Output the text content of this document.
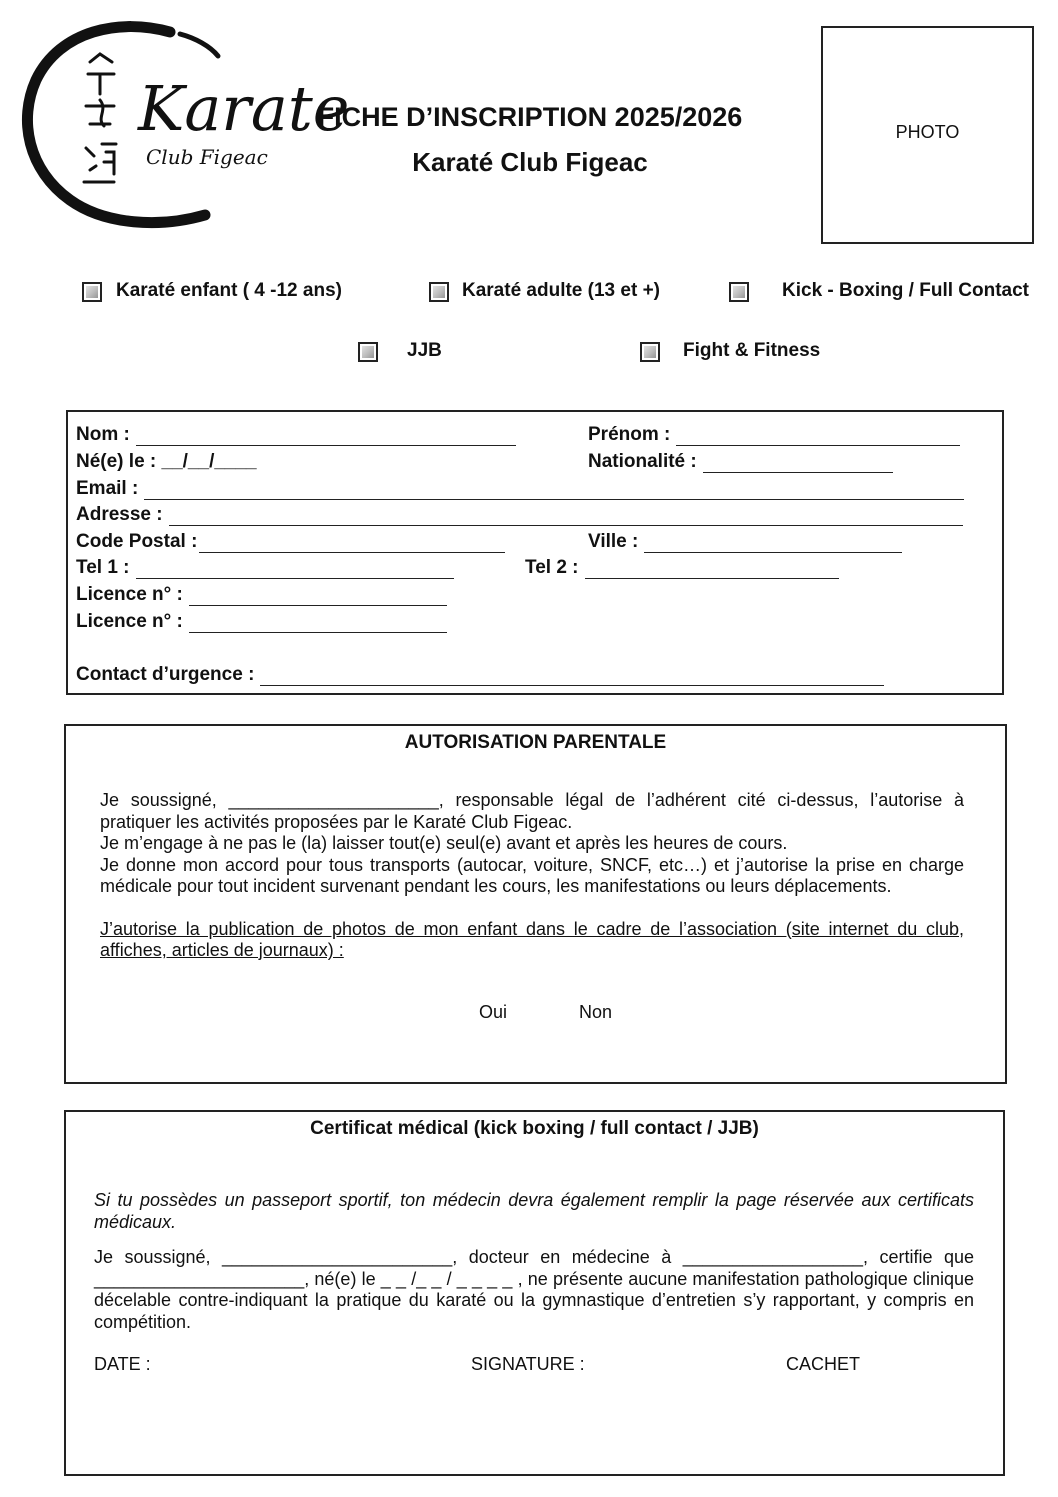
Karate
Club Figeac
FICHE D’INSCRIPTION 2025/2026
Karaté Club Figeac
PHOTO
Karaté enfant ( 4 -12 ans)	Karaté adulte (13 et +)	Kick - Boxing / Full Contact
JJB	Fight & Fitness
Nom :	Prénom :
Né(e) le : __/__/____	Nationalité :
Email :
Adresse :
Code Postal :	Ville :
Tel 1 :	Tel 2 :
Licence n° :
Licence n° :
Contact d’urgence :
AUTORISATION PARENTALE

Je soussigné, _____________________, responsable légal de l’adhérent cité ci-dessus, l’autorise à pratiquer les activités proposées par le Karaté Club Figeac.

Je m’engage à ne pas le (la) laisser tout(e) seul(e) avant et après les heures de cours.

Je donne mon accord pour tous transports (autocar, voiture, SNCF, etc…) et j’autorise la prise en charge médicale pour tout incident survenant pendant les cours, les manifestations ou leurs déplacements.

J’autorise la publication de photos de mon enfant dans le cadre de l’association (site internet du club, affiches, articles de journaux) :

Oui	Non
Certificat médical (kick boxing / full contact / JJB)
Si tu possèdes un passeport sportif, ton médecin devra également remplir la page réservée aux certificats médicaux.
Je soussigné, _______________________, docteur en médecine à __________________, certifie que _____________________, né(e) le _ _ /_ _ / _ _ _ _ , ne présente aucune manifestation pathologique clinique décelable contre-indiquant la pratique du karaté ou la gymnastique d’entretien s’y rapportant, y compris en compétition.
DATE :	SIGNATURE :	CACHET
